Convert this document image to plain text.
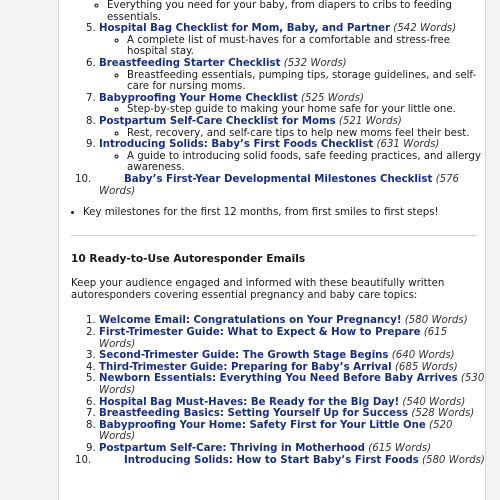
◦ Everything you need for your baby, from diapers to cribs to feeding essentials.
5. Hospital Bag Checklist for Mom, Baby, and Partner (542 Words)
◦ A complete list of must-haves for a comfortable and stress-free hospital stay.
6. Breastfeeding Starter Checklist (532 Words)
◦ Breastfeeding essentials, pumping tips, storage guidelines, and self-care for nursing moms.
7. Babyproofing Your Home Checklist (525 Words)
◦ Step-by-step guide to making your home safe for your little one.
8. Postpartum Self-Care Checklist for Moms (521 Words)
◦ Rest, recovery, and self-care tips to help new moms feel their best.
9. Introducing Solids: Baby’s First Foods Checklist (631 Words)
◦ A guide to introducing solid foods, safe feeding practices, and allergy awareness.
10.	Baby’s First-Year Developmental Milestones Checklist (576 Words)
• Key milestones for the first 12 months, from first smiles to first steps!
10 Ready-to-Use Autoresponder Emails

Keep your audience engaged and informed with these beautifully written autoresponders covering essential pregnancy and baby care topics:

1. Welcome Email: Congratulations on Your Pregnancy! (580 Words)
2. First-Trimester Guide: What to Expect & How to Prepare (615 Words)
3. Second-Trimester Guide: The Growth Stage Begins (640 Words)
4. Third-Trimester Guide: Preparing for Baby’s Arrival (685 Words)
5. Newborn Essentials: Everything You Need Before Baby Arrives (530 Words)
6. Hospital Bag Must-Haves: Be Ready for the Big Day! (540 Words)
7. Breastfeeding Basics: Setting Yourself Up for Success (528 Words)
8. Babyproofing Your Home: Safety First for Your Little One (520 Words)
9. Postpartum Self-Care: Thriving in Motherhood (615 Words)
10.	Introducing Solids: How to Start Baby’s First Foods (580 Words)
